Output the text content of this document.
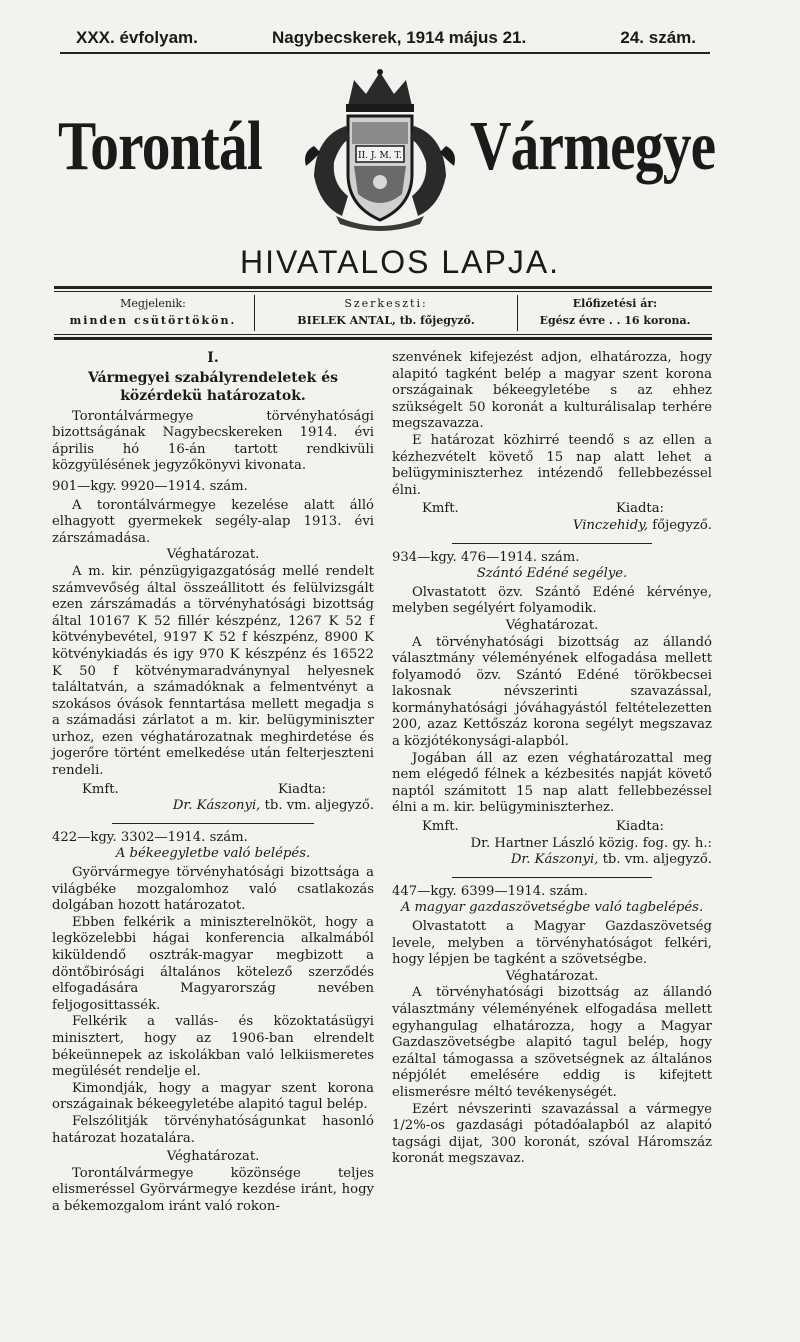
XXX. évfolyam.	Nagybecskerek, 1914 május 21.	24. szám.
Torontál	II. J. M. T. Vármegye
HIVATALOS LAPJA.
Megjelenik:
minden csütörtökön.
Szerkeszti:
BIELEK ANTAL, tb. főjegyző.
Előfizetési ár:
Egész évre . . 16 korona.
I.
Vármegyei szabályrendeletek és közérdekü határozatok.

Torontálvármegye törvényhatósági bizottságának Nagybecskereken 1914. évi április hó 16-án tartott rendkivüli közgyülésének jegyzőkönyvi kivonata.

901—kgy. 9920—1914. szám.

A torontálvármegye kezelése alatt álló elhagyott gyermekek segély-alap 1913. évi zárszámadása.

Véghatározat.

A m. kir. pénzügyigazgatóság mellé rendelt számvevőség által összeállitott és felülvizsgált ezen zárszámadás a törvényhatósági bizottság által 10167 K 52 fillér készpénz, 1267 K 52 f kötvénybevétel, 9197 K 52 f készpénz, 8900 K kötvénykiadás és igy 970 K készpénz és 16522 K 50 f kötvénymaradványnyal helyesnek találtatván, a számadóknak a felmentvényt a szokásos óvások fenntartása mellett megadja s a számadási zárlatot a m. kir. belügyminiszter urhoz, ezen véghatározatnak meghirdetése és jogerőre történt emelkedése után felterjeszteni rendeli.

Kmft.	Kiadta:

Dr. Kászonyi, tb. vm. aljegyző.

422—kgy. 3302—1914. szám.

A békeegyletbe való belépés.

Györvármegye törvényhatósági bizottsága a világbéke mozgalomhoz való csatlakozás dolgában hozott határozatot.

Ebben felkérik a miniszterelnököt, hogy a legközelebbi hágai konferencia alkalmából kiküldendő osztrák-magyar megbizott a döntőbirósági általános kötelező szerződés elfogadására Magyarország nevében feljogosittassék.

Felkérik a vallás- és közoktatásügyi minisztert, hogy az 1906-ban elrendelt békeünnepek az iskolákban való lelkiismeretes megülését rendelje el.

Kimondják, hogy a magyar szent korona országainak békeegyletébe alapitó tagul belép.

Felszólitják törvényhatóságunkat hasonló határozat hozatalára.

Véghatározat.

Torontálvármegye közönsége teljes elismeréssel Györvármegye kezdése iránt, hogy a békemozgalom iránt való rokon-

szenvének kifejezést adjon, elhatározza, hogy alapitó tagként belép a magyar szent korona országainak békeegyletébe s az ehhez szükségelt 50 koronát a kulturálisalap terhére megszavazza.

E határozat közhirré teendő s az ellen a kézhezvételt követő 15 nap alatt lehet a belügyminiszterhez intézendő fellebbezéssel élni.

Kmft.	Kiadta:

Vinczehidy, főjegyző.

934—kgy. 476—1914. szám.

Szántó Edéné segélye.

Olvastatott özv. Szántó Edéné kérvénye, melyben segélyért folyamodik.

Véghatározat.

A törvényhatósági bizottság az állandó választmány véleményének elfogadása mellett folyamodó özv. Szántó Edéné törökbecsei lakosnak névszerinti szavazással, kormányhatósági jóváhagyástól feltételezetten 200, azaz Kettőszáz korona segélyt megszavaz a közjótékonysági-alapból.

Jogában áll az ezen véghatározattal meg nem elégedő félnek a kézbesités napját követő naptól számitott 15 nap alatt fellebbezéssel élni a m. kir. belügyminiszterhez.

Kmft.	Kiadta:

Dr. Hartner László közig. fog. gy. h.:

Dr. Kászonyi, tb. vm. aljegyző.

447—kgy. 6399—1914. szám.

A magyar gazdaszövetségbe való tagbelépés.

Olvastatott a Magyar Gazdaszövetség levele, melyben a törvényhatóságot felkéri, hogy lépjen be tagként a szövetségbe.

Véghatározat.

A törvényhatósági bizottság az állandó választmány véleményének elfogadása mellett egyhangulag elhatározza, hogy a Magyar Gazdaszövetségbe alapitó tagul belép, hogy ezáltal támogassa a szövetségnek az általános népjólét emelésére eddig is kifejtett elismerésre méltó tevékenységét.

Ezért névszerinti szavazással a vármegye 1/2%-os gazdasági pótadóalapból az alapitó tagsági dijat, 300 koronát, szóval Háromszáz koronát megszavaz.
